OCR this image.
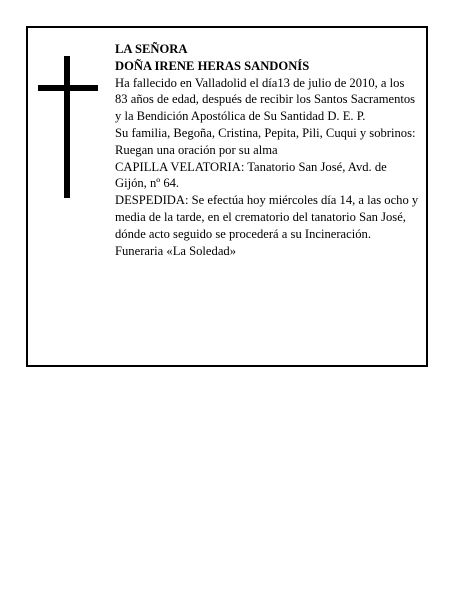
LA SEÑORA

DOÑA IRENE HERAS SANDONÍS

Ha fallecido en Valladolid el día13 de julio de 2010, a los 83 años de edad, después de recibir los Santos Sacramentos y la Bendición Apostólica de Su Santidad D. E. P.

Su familia, Begoña, Cristina, Pepita, Pili, Cuqui y sobrinos:

Ruegan una oración por su alma

CAPILLA VELATORIA: Tanatorio San José, Avd. de Gijón, nº 64.

DESPEDIDA: Se efectúa hoy miércoles día 14, a las ocho y media de la tarde, en el crematorio del tanatorio San José, dónde acto seguido se procederá a su Incineración.

Funeraria «La Soledad»
